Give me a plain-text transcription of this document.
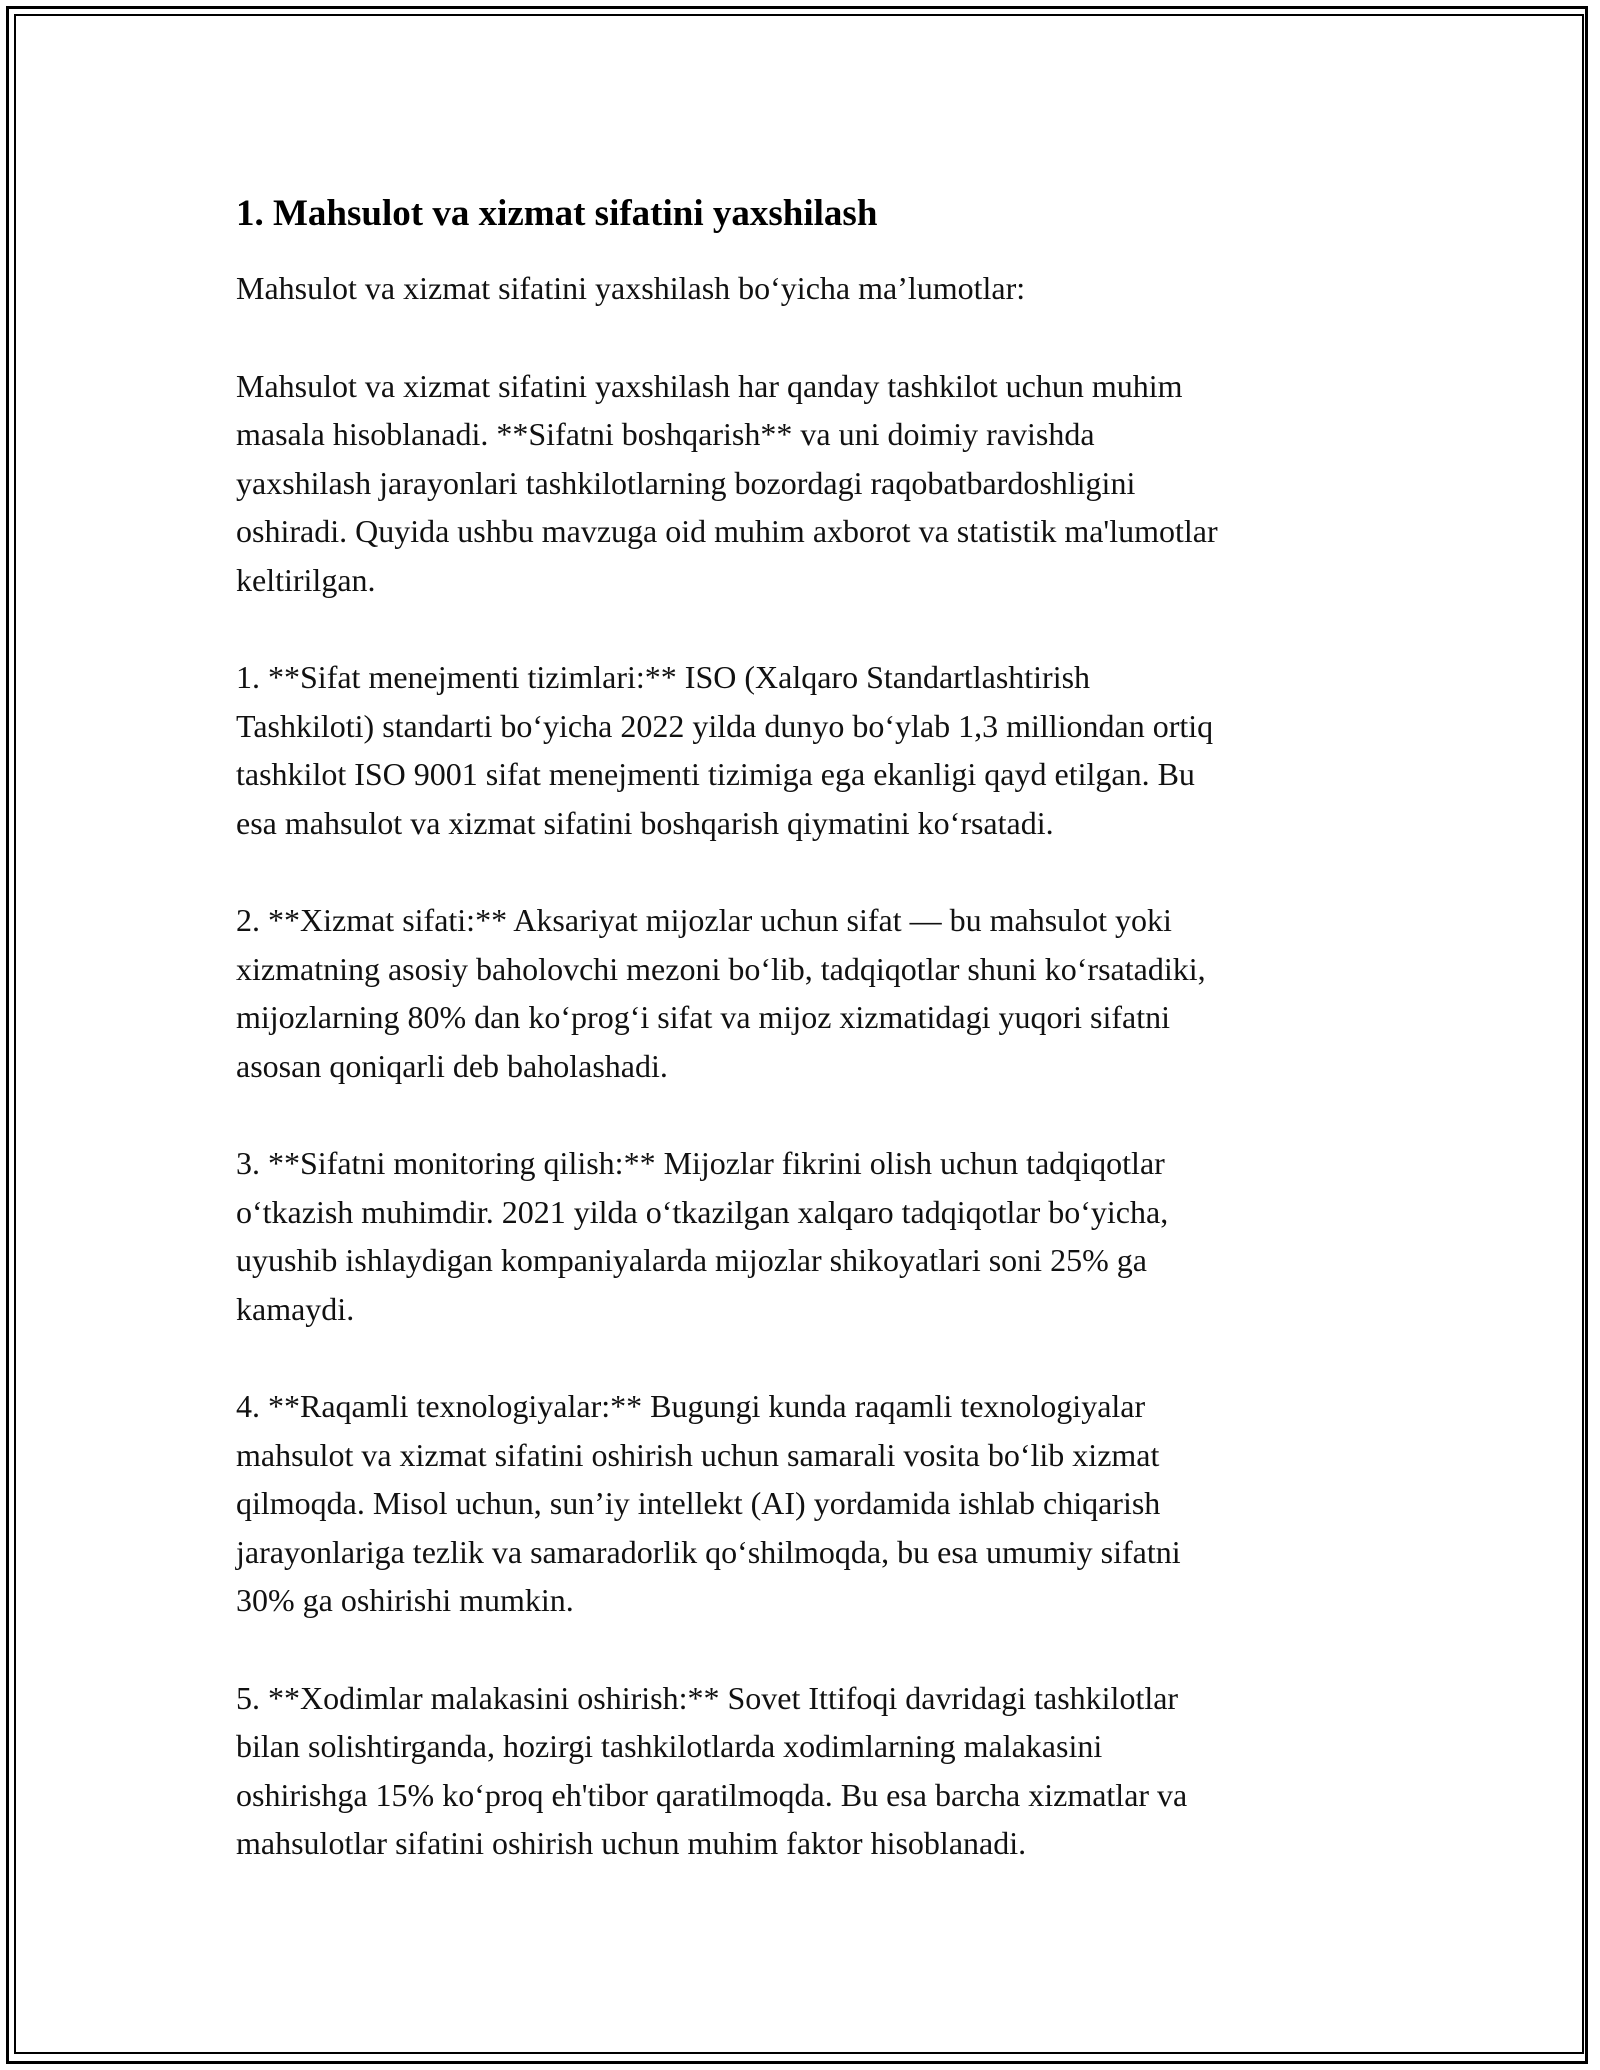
1. Mahsulot va xizmat sifatini yaxshilash

Mahsulot va xizmat sifatini yaxshilash bo‘yicha ma’lumotlar:

Mahsulot va xizmat sifatini yaxshilash har qanday tashkilot uchun muhim
masala hisoblanadi. **Sifatni boshqarish** va uni doimiy ravishda
yaxshilash jarayonlari tashkilotlarning bozordagi raqobatbardoshligini
oshiradi. Quyida ushbu mavzuga oid muhim axborot va statistik ma'lumotlar
keltirilgan.

1. **Sifat menejmenti tizimlari:** ISO (Xalqaro Standartlashtirish
Tashkiloti) standarti bo‘yicha 2022 yilda dunyo bo‘ylab 1,3 milliondan ortiq
tashkilot ISO 9001 sifat menejmenti tizimiga ega ekanligi qayd etilgan. Bu
esa mahsulot va xizmat sifatini boshqarish qiymatini ko‘rsatadi.

2. **Xizmat sifati:** Aksariyat mijozlar uchun sifat — bu mahsulot yoki
xizmatning asosiy baholovchi mezoni bo‘lib, tadqiqotlar shuni ko‘rsatadiki,
mijozlarning 80% dan ko‘prog‘i sifat va mijoz xizmatidagi yuqori sifatni
asosan qoniqarli deb baholashadi.

3. **Sifatni monitoring qilish:** Mijozlar fikrini olish uchun tadqiqotlar
o‘tkazish muhimdir. 2021 yilda o‘tkazilgan xalqaro tadqiqotlar bo‘yicha,
uyushib ishlaydigan kompaniyalarda mijozlar shikoyatlari soni 25% ga
kamaydi.

4. **Raqamli texnologiyalar:** Bugungi kunda raqamli texnologiyalar
mahsulot va xizmat sifatini oshirish uchun samarali vosita bo‘lib xizmat
qilmoqda. Misol uchun, sun’iy intellekt (AI) yordamida ishlab chiqarish
jarayonlariga tezlik va samaradorlik qo‘shilmoqda, bu esa umumiy sifatni
30% ga oshirishi mumkin.

5. **Xodimlar malakasini oshirish:** Sovet Ittifoqi davridagi tashkilotlar
bilan solishtirganda, hozirgi tashkilotlarda xodimlarning malakasini
oshirishga 15% ko‘proq eh'tibor qaratilmoqda. Bu esa barcha xizmatlar va
mahsulotlar sifatini oshirish uchun muhim faktor hisoblanadi.
